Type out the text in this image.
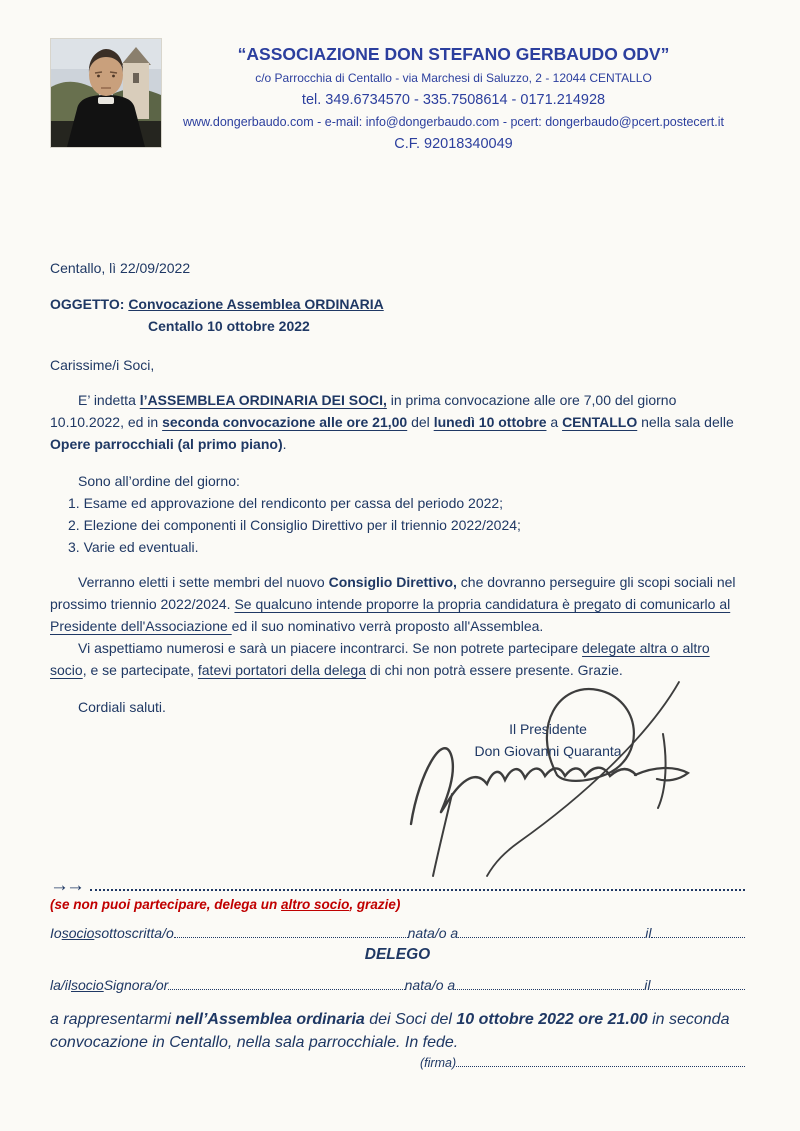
“ASSOCIAZIONE DON STEFANO GERBAUDO ODV”
c/o Parrocchia di Centallo - via Marchesi di Saluzzo, 2 - 12044 CENTALLO
tel. 349.6734570 - 335.7508614 - 0171.214928
www.dongerbaudo.com - e-mail: info@dongerbaudo.com - pcert: dongerbaudo@pcert.postecert.it
C.F. 92018340049
Centallo, lì 22/09/2022
OGGETTO: Convocazione Assemblea ORDINARIA
Centallo 10 ottobre 2022
Carissime/i Soci,
E’ indetta l’ASSEMBLEA ORDINARIA DEI SOCI, in prima convocazione alle ore 7,00 del giorno 10.10.2022, ed in seconda convocazione alle ore 21,00 del lunedì 10 ottobre a CENTALLO nella sala delle Opere parrocchiali (al primo piano).
Sono all’ordine del giorno:
1. Esame ed approvazione del rendiconto per cassa del periodo 2022;
2. Elezione dei componenti il Consiglio Direttivo per il triennio 2022/2024;
3. Varie ed eventuali.
Verranno eletti i sette membri del nuovo Consiglio Direttivo, che dovranno perseguire gli scopi sociali nel prossimo triennio 2022/2024. Se qualcuno intende proporre la propria candidatura è pregato di comunicarlo al Presidente dell'Associazione ed il suo nominativo verrà proposto all'Assemblea.
Vi aspettiamo numerosi e sarà un piacere incontrarci. Se non potrete partecipare delegate altra o altro socio, e se partecipate, fatevi portatori della delega di chi non potrà essere presente. Grazie.
Cordiali saluti.
Il Presidente
Don Giovanni Quaranta
→→
(se non puoi partecipare, delega un altro socio, grazie)
Io socio sottoscritta/o	nata/o a	il
DELEGO
la/il socio Signora/or	nata/o a	il
a rappresentarmi nell’Assemblea ordinaria dei Soci del 10 ottobre 2022 ore 21.00 in seconda convocazione in Centallo, nella sala parrocchiale. In fede.
(firma)
